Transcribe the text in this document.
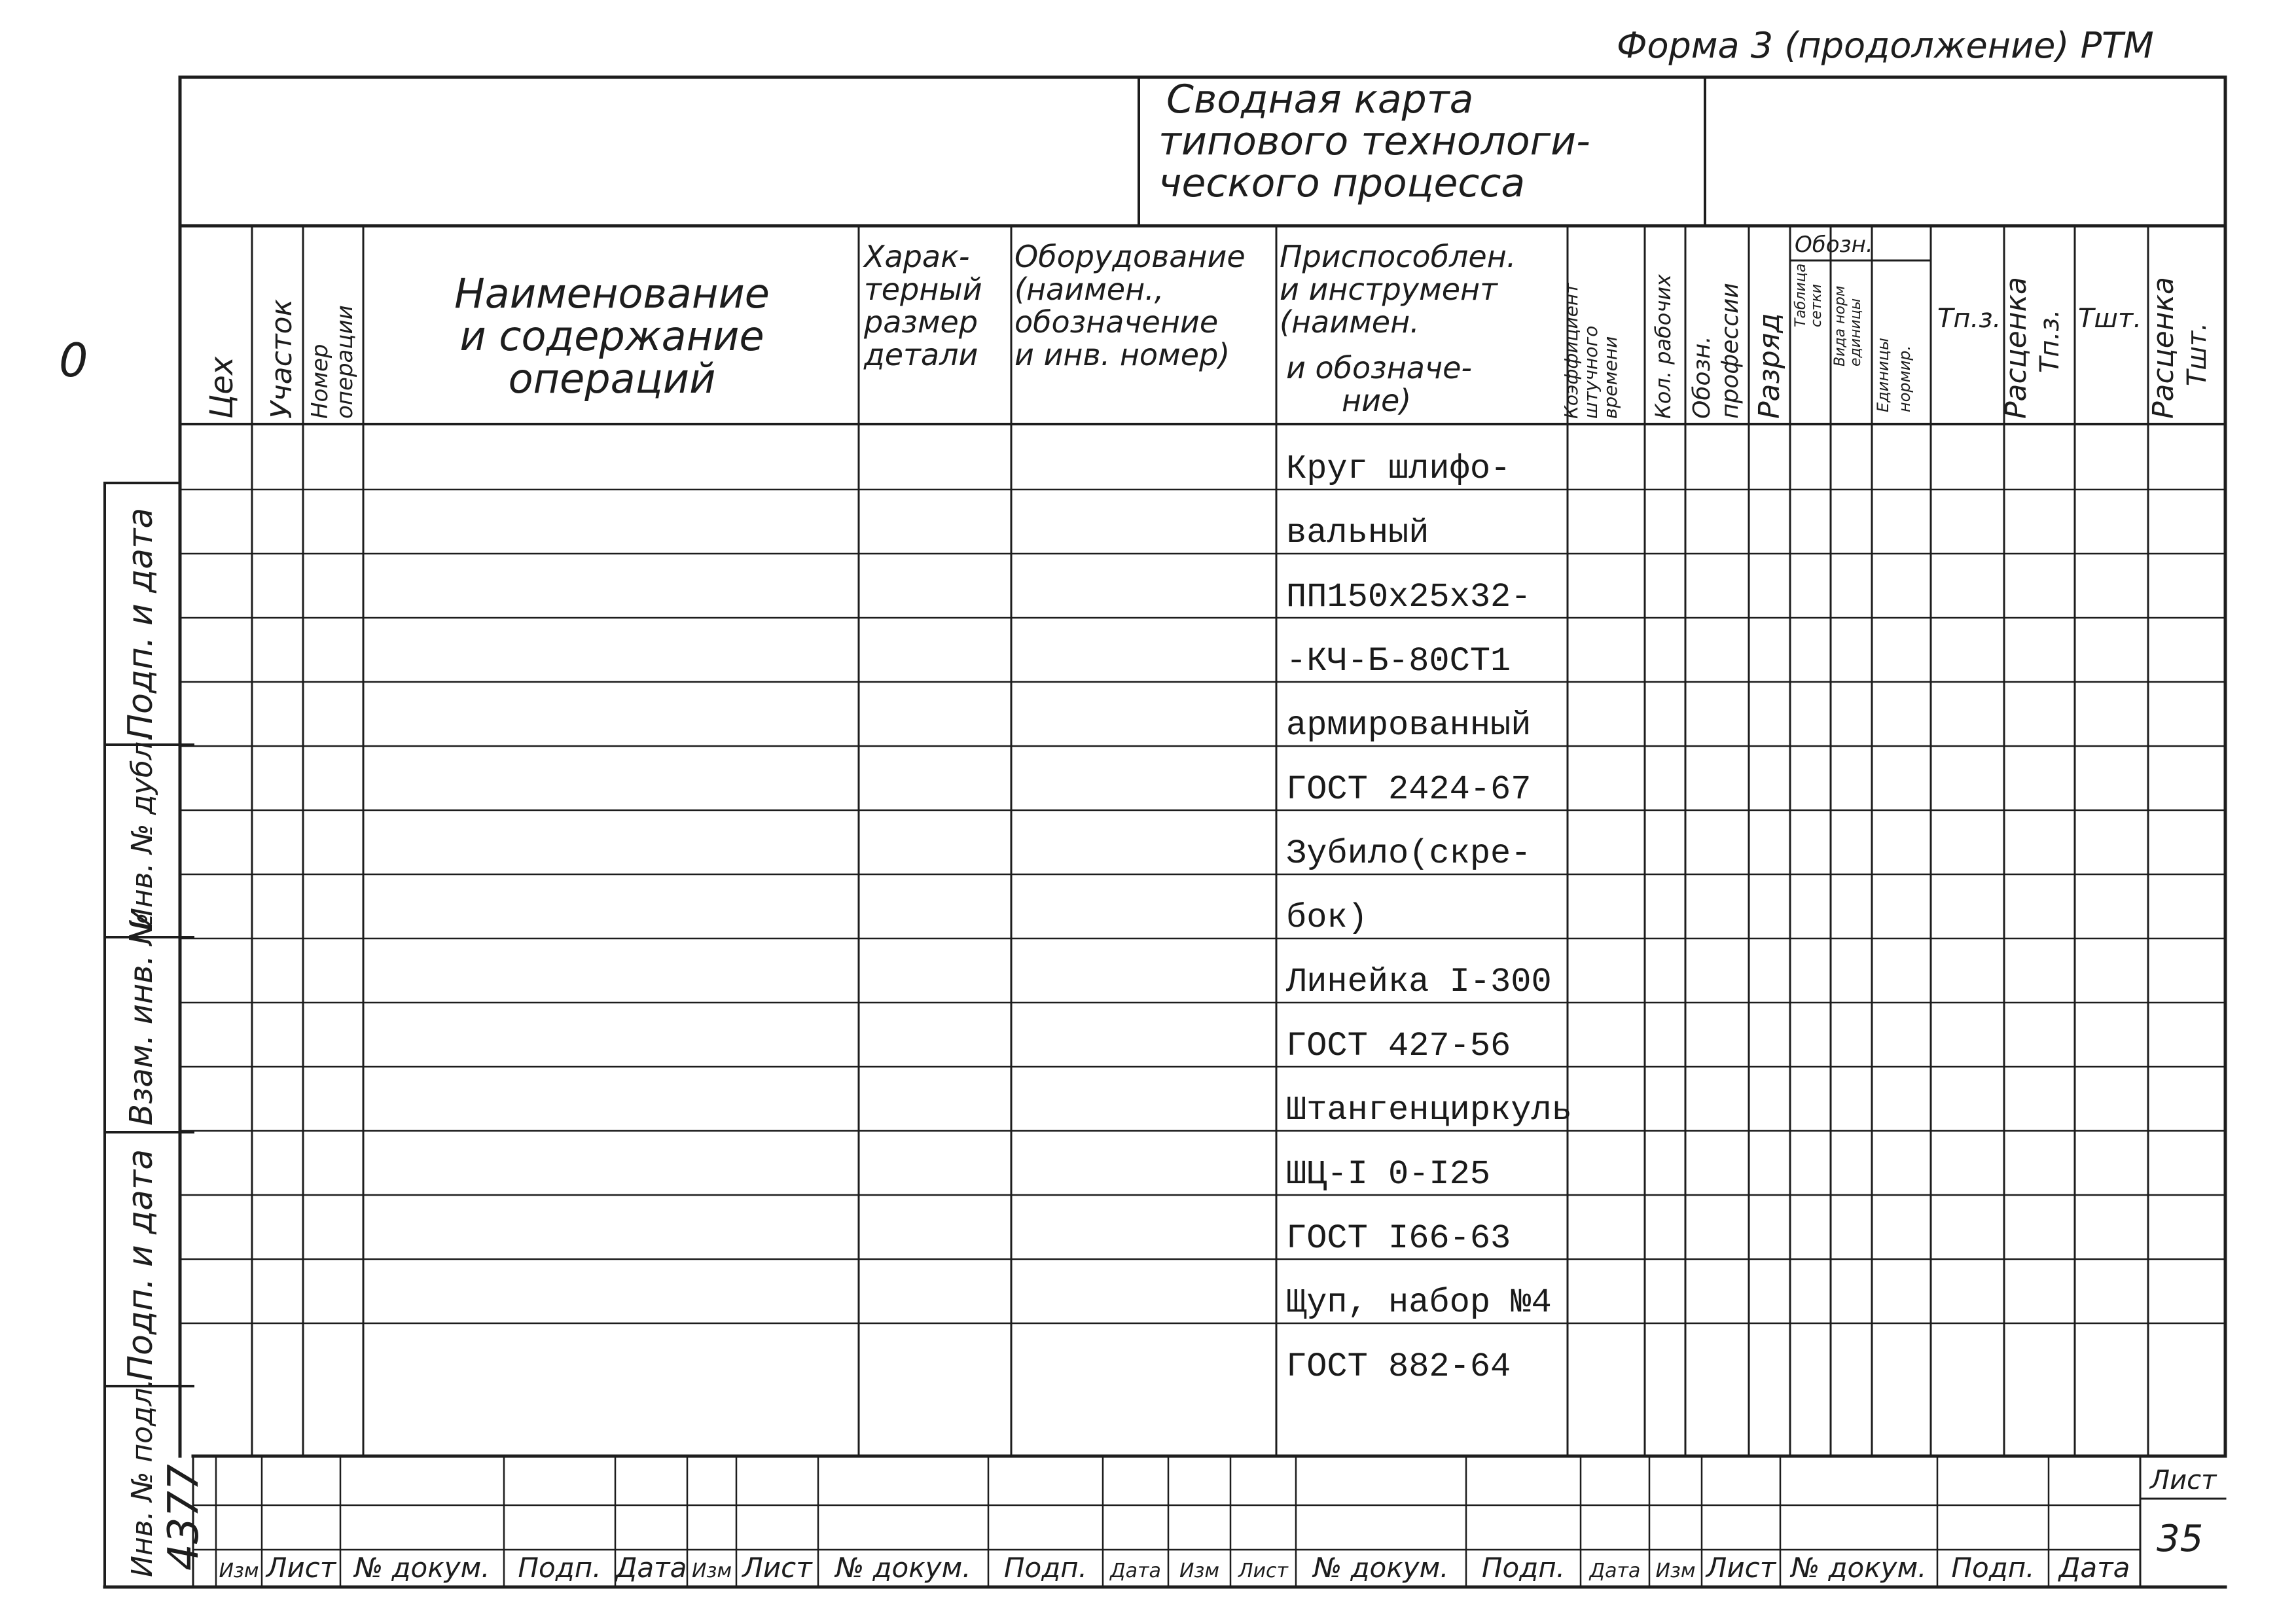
Форма 3 (продолжение) РТМ
Сводная карта
типового технологи-
ческого процесса
0	Цех Участок Номер
операции
Наименование
и содержание
операций
Харак-
терный
размер
детали
Оборудование
(наимен.,
обозначение
и инв. номер)
Приспособлен.
и инструмент
(наимен.
и обозначе-
ние)	Коэффициент
штучного
времени Кол. рабочих Обозн. профессии Разряд
Обозн.
Таблица сетки Вида норм единицы
Единицы нормир.
Тп.з.
Расценка Тп.з. Тшт. Расценка Тшт.
Круг шлифо-
вальный
ПП150х25х32-
-КЧ-Б-80СТ1
армированный
ГОСТ 2424-67
Зубило(скре-
бок)
Линейка I-300
ГОСТ 427-56
Штангенциркуль
ШЦ-I 0-I25
ГОСТ I66-63
Щуп, набор №4
ГОСТ 882-64
Подп. и дата
Инв. № дубл.
Взам. инв. №
Подп. и дата
Инв. № подл. 4377
Изм Лист № докум. Подп. Дата Изм Лист № докум. Подп. Дата Изм Лист № докум. Подп. Дата Изм Лист № докум. Подп. Дата
Лист
35
